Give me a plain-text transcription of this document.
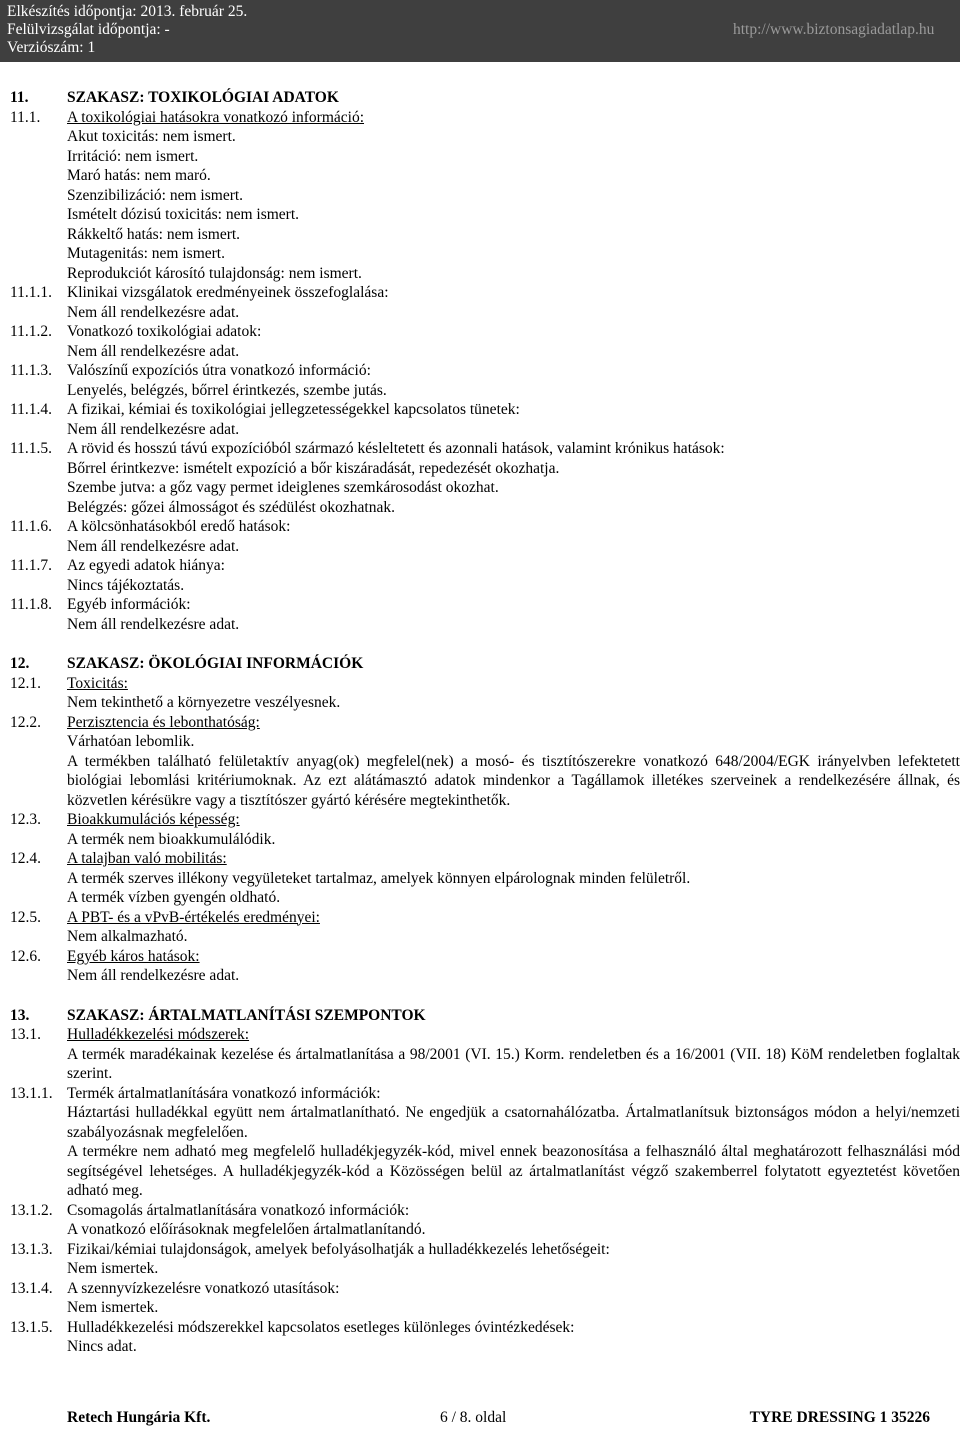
Elkészítés időpontja: 2013. február 25.
Felülvizsgálat időpontja: -
Verziószám: 1
http://www.biztonsagiadatlap.hu
11.	SZAKASZ: TOXIKOLÓGIAI ADATOK
11.1.	A toxikológiai hatásokra vonatkozó információ:
Akut toxicitás: nem ismert.
Irritáció: nem ismert.
Maró hatás: nem maró.
Szenzibilizáció: nem ismert.
Ismételt dózisú toxicitás: nem ismert.
Rákkeltő hatás: nem ismert.
Mutagenitás: nem ismert.
Reprodukciót károsító tulajdonság: nem ismert.
11.1.1. Klinikai vizsgálatok eredményeinek összefoglalása:
Nem áll rendelkezésre adat.
11.1.2. Vonatkozó toxikológiai adatok:
Nem áll rendelkezésre adat.
11.1.3. Valószínű expozíciós útra vonatkozó információ:
Lenyelés, belégzés, bőrrel érintkezés, szembe jutás.
11.1.4. A fizikai, kémiai és toxikológiai jellegzetességekkel kapcsolatos tünetek:
Nem áll rendelkezésre adat.
11.1.5. A rövid és hosszú távú expozícióból származó késleltetett és azonnali hatások, valamint krónikus hatások:
Bőrrel érintkezve: ismételt expozíció a bőr kiszáradását, repedezését okozhatja.
Szembe jutva: a gőz vagy permet ideiglenes szemkárosodást okozhat.
Belégzés: gőzei álmosságot és szédülést okozhatnak.
11.1.6. A kölcsönhatásokból eredő hatások:
Nem áll rendelkezésre adat.
11.1.7. Az egyedi adatok hiánya:
Nincs tájékoztatás.
11.1.8. Egyéb információk:
Nem áll rendelkezésre adat.
12.	SZAKASZ: ÖKOLÓGIAI INFORMÁCIÓK
12.1.	Toxicitás:
Nem tekinthető a környezetre veszélyesnek.
12.2.	Perzisztencia és lebonthatóság:
Várhatóan lebomlik.
A termékben található felületaktív anyag(ok) megfelel(nek) a mosó- és tisztítószerekre vonatkozó 648/2004/EGK irányelvben lefektetett biológiai lebomlási kritériumoknak. Az ezt alátámasztó adatok mindenkor a Tagállamok illetékes szerveinek a rendelkezésére állnak, és közvetlen kérésükre vagy a tisztítószer gyártó kérésére megtekinthetők.
12.3.	Bioakkumulációs képesség:
A termék nem bioakkumulálódik.
12.4.	A talajban való mobilitás:
A termék szerves illékony vegyületeket tartalmaz, amelyek könnyen elpárolognak minden felületről.
A termék vízben gyengén oldható.
12.5.	A PBT- és a vPvB-értékelés eredményei:
Nem alkalmazható.
12.6.	Egyéb káros hatások:
Nem áll rendelkezésre adat.
13.	SZAKASZ: ÁRTALMATLANÍTÁSI SZEMPONTOK
13.1.	Hulladékkezelési módszerek:
A termék maradékainak kezelése és ártalmatlanítása a 98/2001 (VI. 15.) Korm. rendeletben és a 16/2001 (VII. 18) KöM rendeletben foglaltak szerint.
13.1.1. Termék ártalmatlanítására vonatkozó információk:
Háztartási hulladékkal együtt nem ártalmatlanítható. Ne engedjük a csatornahálózatba. Ártalmatlanítsuk biztonságos módon a helyi/nemzeti szabályozásnak megfelelően.
A termékre nem adható meg megfelelő hulladékjegyzék-kód, mivel ennek beazonosítása a felhasználó által meghatározott felhasználási mód segítségével lehetséges. A hulladékjegyzék-kód a Közösségen belül az ártalmatlanítást végző szakemberrel folytatott egyeztetést követően adható meg.
13.1.2. Csomagolás ártalmatlanítására vonatkozó információk:
A vonatkozó előírásoknak megfelelően ártalmatlanítandó.
13.1.3. Fizikai/kémiai tulajdonságok, amelyek befolyásolhatják a hulladékkezelés lehetőségeit:
Nem ismertek.
13.1.4. A szennyvízkezelésre vonatkozó utasítások:
Nem ismertek.
13.1.5. Hulladékkezelési módszerekkel kapcsolatos esetleges különleges óvintézkedések:
Nincs adat.
Retech Hungária Kft.	6 / 8. oldal	TYRE DRESSING 1 35226
